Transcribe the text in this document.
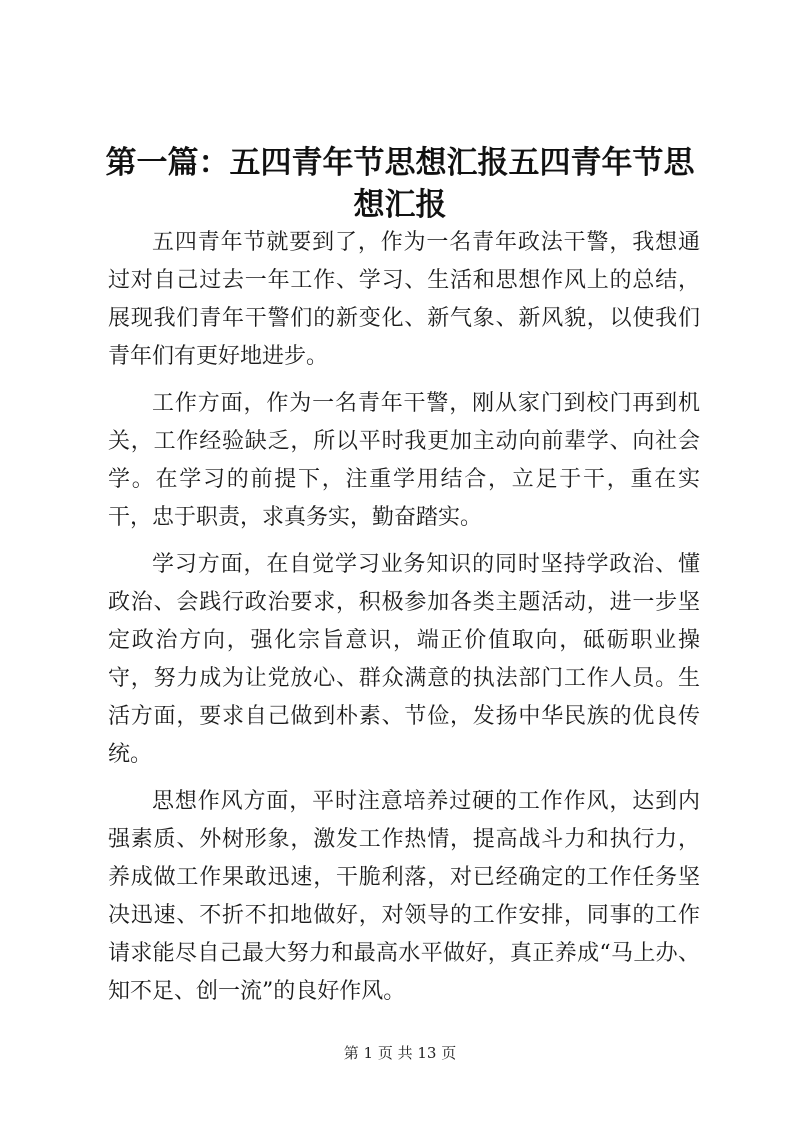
第一篇：五四青年节思想汇报五四青年节思想汇报

五四青年节就要到了，作为一名青年政法干警，我想通过对自己过去一年工作、学习、生活和思想作风上的总结，展现我们青年干警们的新变化、新气象、新风貌，以使我们青年们有更好地进步。

工作方面，作为一名青年干警，刚从家门到校门再到机关，工作经验缺乏，所以平时我更加主动向前辈学、向社会学。在学习的前提下，注重学用结合，立足于干，重在实干，忠于职责，求真务实，勤奋踏实。

学习方面，在自觉学习业务知识的同时坚持学政治、懂政治、会践行政治要求，积极参加各类主题活动，进一步坚定政治方向，强化宗旨意识，端正价值取向，砥砺职业操守，努力成为让党放心、群众满意的执法部门工作人员。生活方面，要求自己做到朴素、节俭，发扬中华民族的优良传统。

思想作风方面，平时注意培养过硬的工作作风，达到内强素质、外树形象，激发工作热情，提高战斗力和执行力，养成做工作果敢迅速，干脆利落，对已经确定的工作任务坚决迅速、不折不扣地做好，对领导的工作安排，同事的工作请求能尽自己最大努力和最高水平做好，真正养成“马上办、知不足、创一流”的良好作风。

第 1 页 共 13 页
